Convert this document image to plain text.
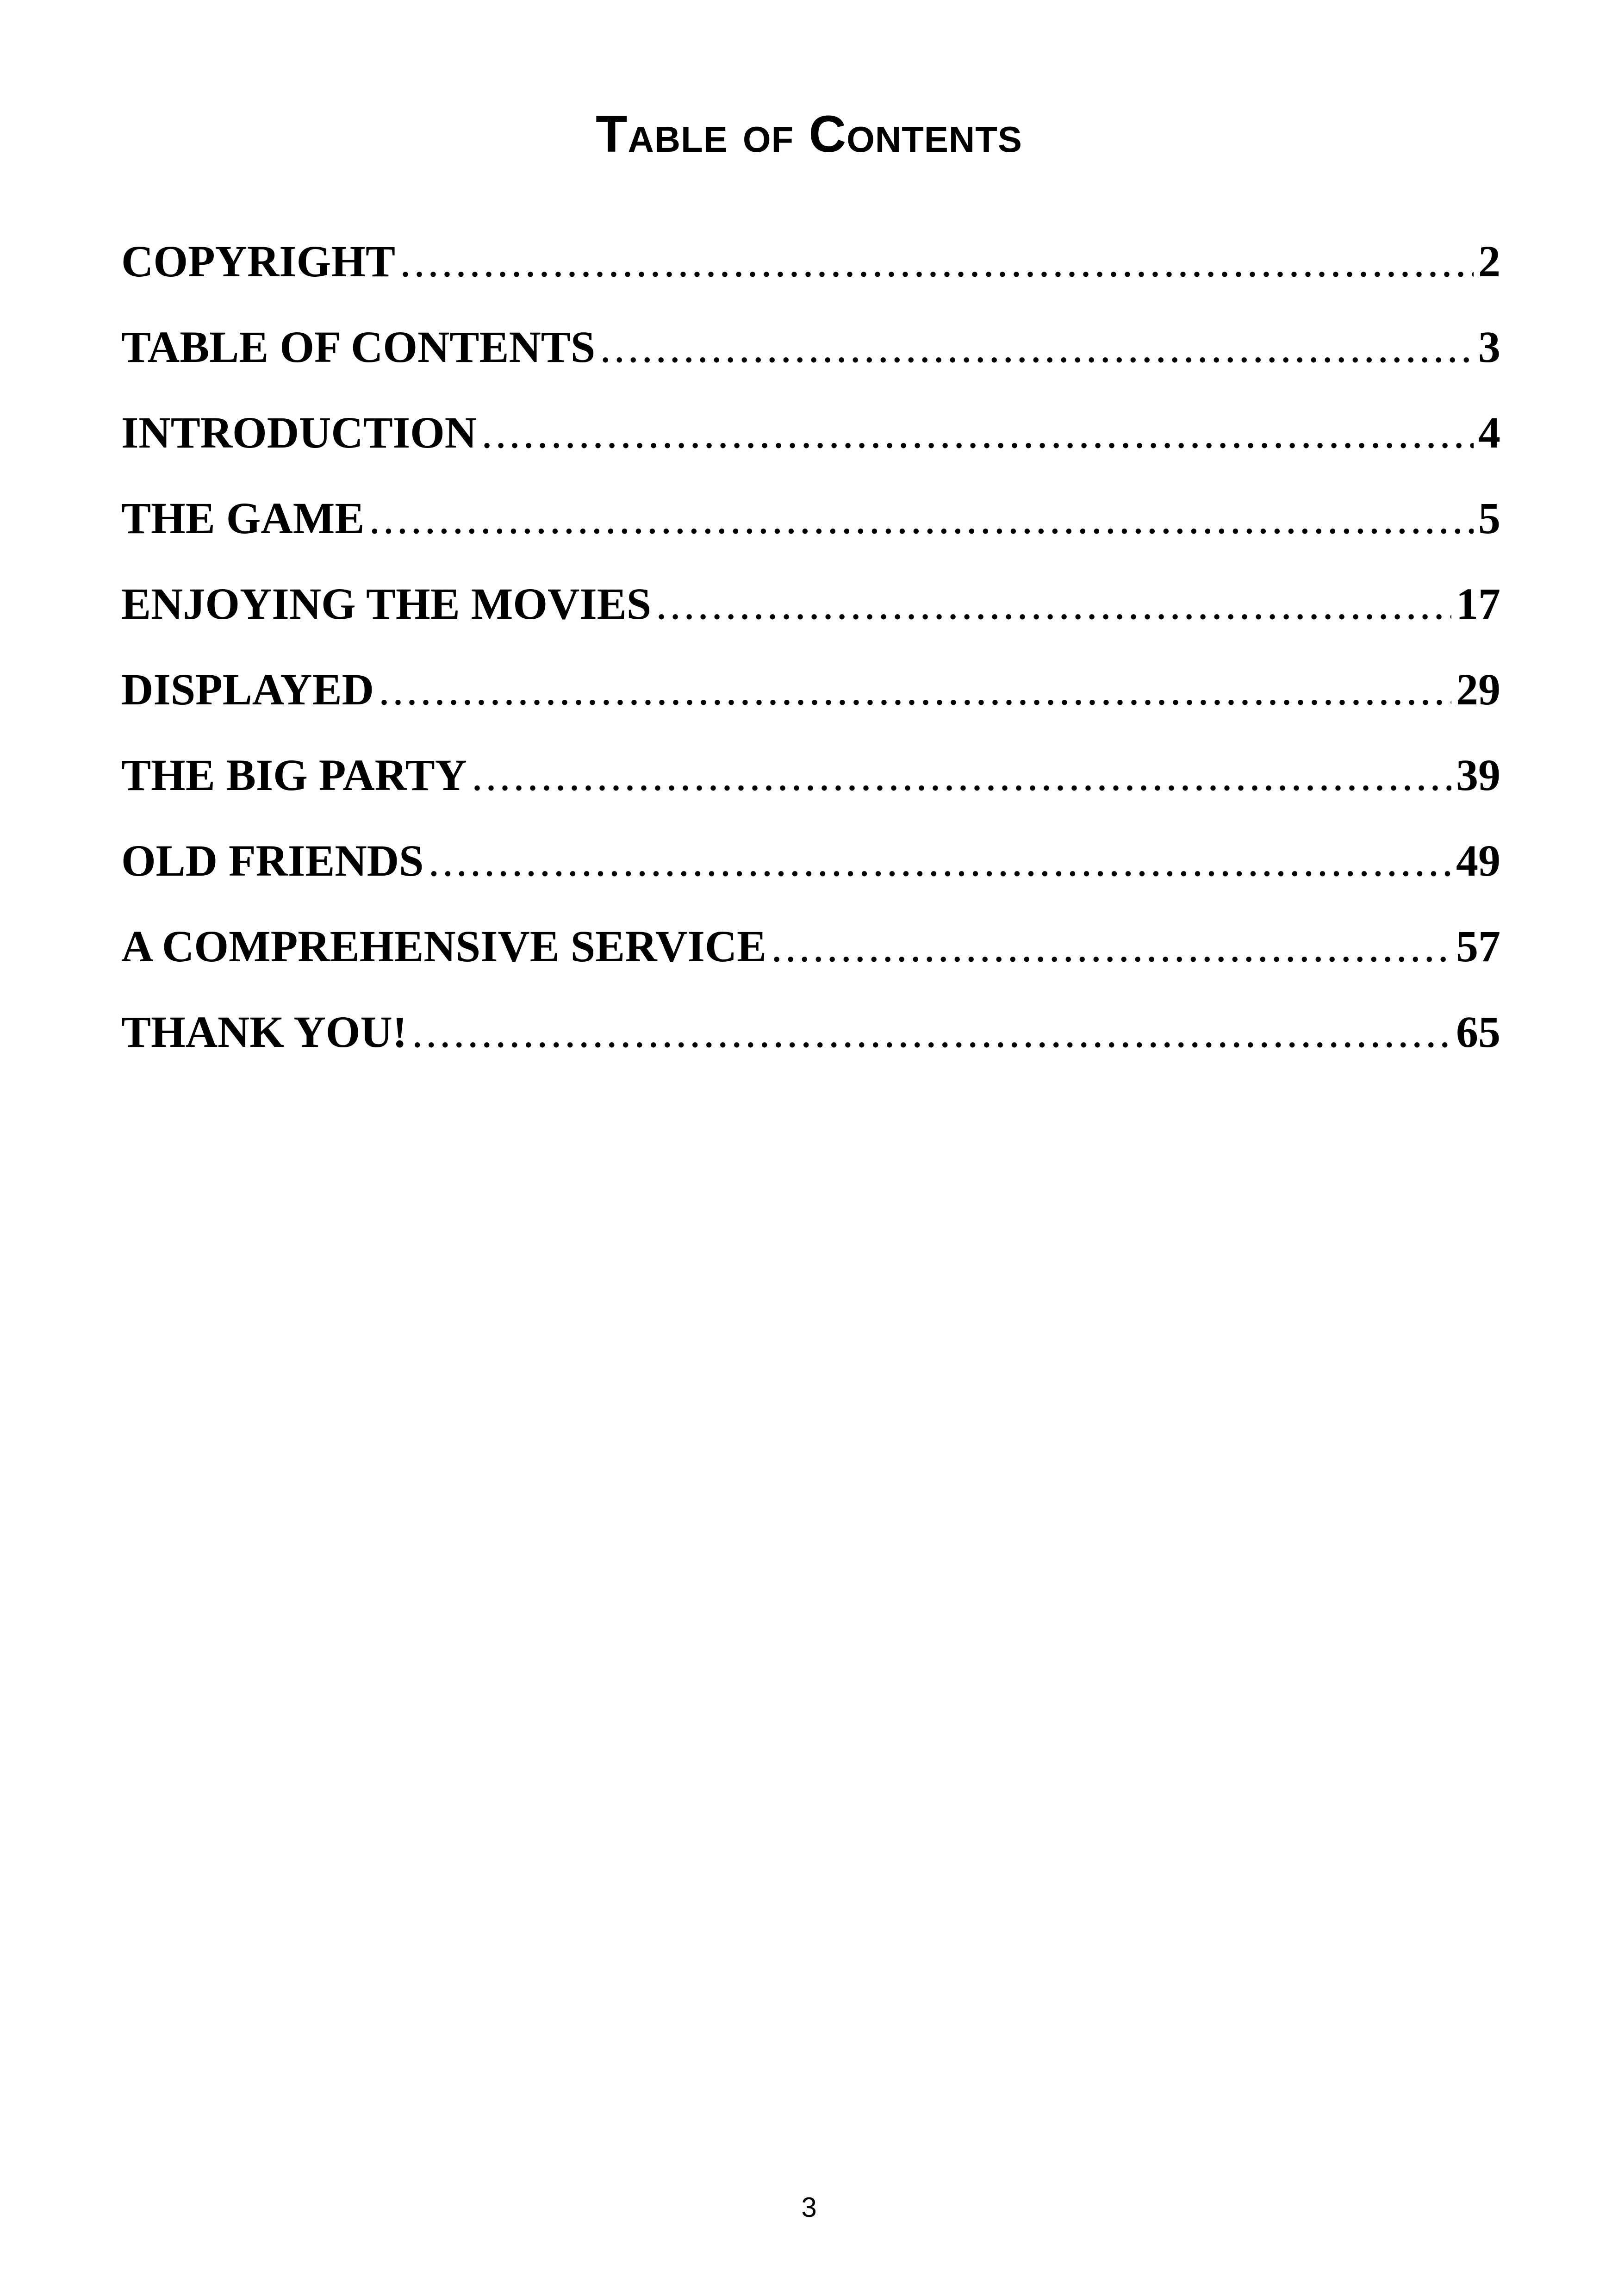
Table of Contents
COPYRIGHT .....	2
TABLE OF CONTENTS .....	3
INTRODUCTION .....	4
THE GAME .....	5
ENJOYING THE MOVIES .....	17
DISPLAYED .....	29
THE BIG PARTY .....	39
OLD FRIENDS .....	49
A COMPREHENSIVE SERVICE .....	57
THANK YOU! .....	65
3
